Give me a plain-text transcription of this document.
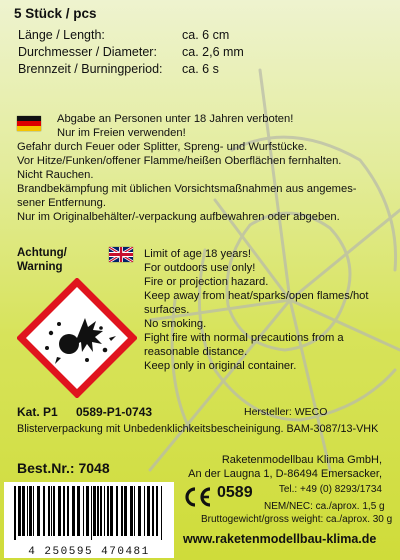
5 Stück / pcs
Länge / Length:	ca. 6 cm
Durchmesser / Diameter: ca. 2,6 mm
Brennzeit / Burningperiod: ca. 6 s
Abgabe an Personen unter 18 Jahren verboten!
Nur im Freien verwenden!
Gefahr durch Feuer oder Splitter, Spreng- und Wurfstücke.
Vor Hitze/Funken/offener Flamme/heißen Oberflächen fernhalten.
Nicht Rauchen.
Brandbekämpfung mit üblichen Vorsichtsmaßnahmen aus angemes-
sener Entfernung.
Nur im Originalbehälter/-verpackung aufbewahren oder abgeben.
Achtung/
Warning
Limit of age 18 years!
For outdoors use only!
Fire or projection hazard.
Keep away from heat/sparks/open flames/hot
surfaces.
No smoking.
Fight fire with normal precautions from a
reasonable distance.
Keep only in original container.
Kat. P1 0589-P1-0743	Hersteller: WECO
Blisterverpackung mit Unbedenklichkeitsbescheinigung. BAM-3087/13-VHK
Best.Nr.: 7048	Raketenmodellbau Klima GmbH,
An der Laugna 1, D-86494 Emersacker,
4 250595 470481
0589	Tel.: +49 (0) 8293/1734
NEM/NEC: ca./aprox. 1,5 g
Bruttogewicht/gross weight: ca./aprox. 30 g
www.raketenmodellbau-klima.de
